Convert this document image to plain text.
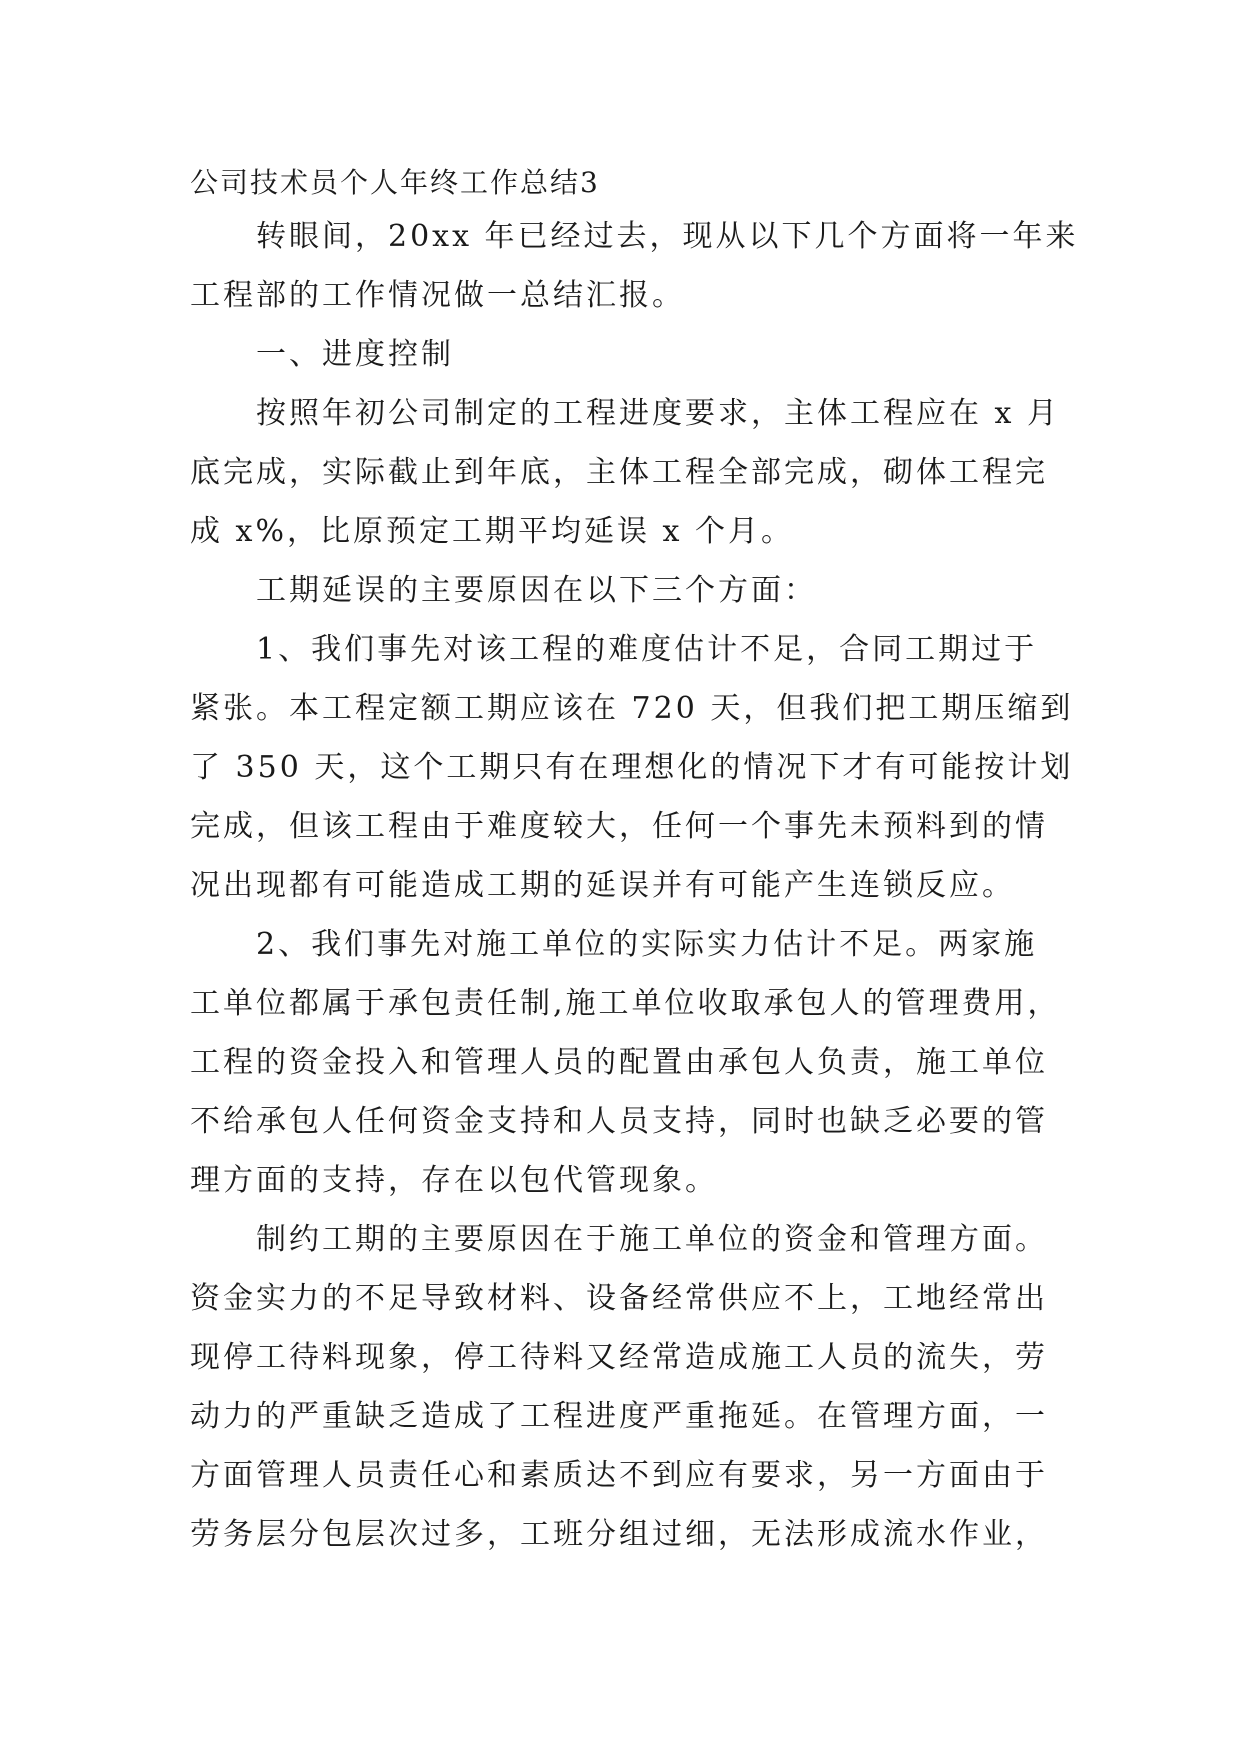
公司技术员个人年终工作总结3

转眼间，20xx 年已经过去，现从以下几个方面将一年来
工程部的工作情况做一总结汇报。

一、进度控制

按照年初公司制定的工程进度要求，主体工程应在 x 月
底完成，实际截止到年底，主体工程全部完成，砌体工程完
成 x%，比原预定工期平均延误 x 个月。

工期延误的主要原因在以下三个方面：

1、我们事先对该工程的难度估计不足，合同工期过于
紧张。本工程定额工期应该在 720 天，但我们把工期压缩到
了 350 天，这个工期只有在理想化的情况下才有可能按计划
完成，但该工程由于难度较大，任何一个事先未预料到的情
况出现都有可能造成工期的延误并有可能产生连锁反应。

2、我们事先对施工单位的实际实力估计不足。两家施
工单位都属于承包责任制,施工单位收取承包人的管理费用，
工程的资金投入和管理人员的配置由承包人负责，施工单位
不给承包人任何资金支持和人员支持，同时也缺乏必要的管
理方面的支持，存在以包代管现象。

制约工期的主要原因在于施工单位的资金和管理方面。
资金实力的不足导致材料、设备经常供应不上，工地经常出
现停工待料现象，停工待料又经常造成施工人员的流失，劳
动力的严重缺乏造成了工程进度严重拖延。在管理方面，一
方面管理人员责任心和素质达不到应有要求，另一方面由于
劳务层分包层次过多，工班分组过细，无法形成流水作业，
